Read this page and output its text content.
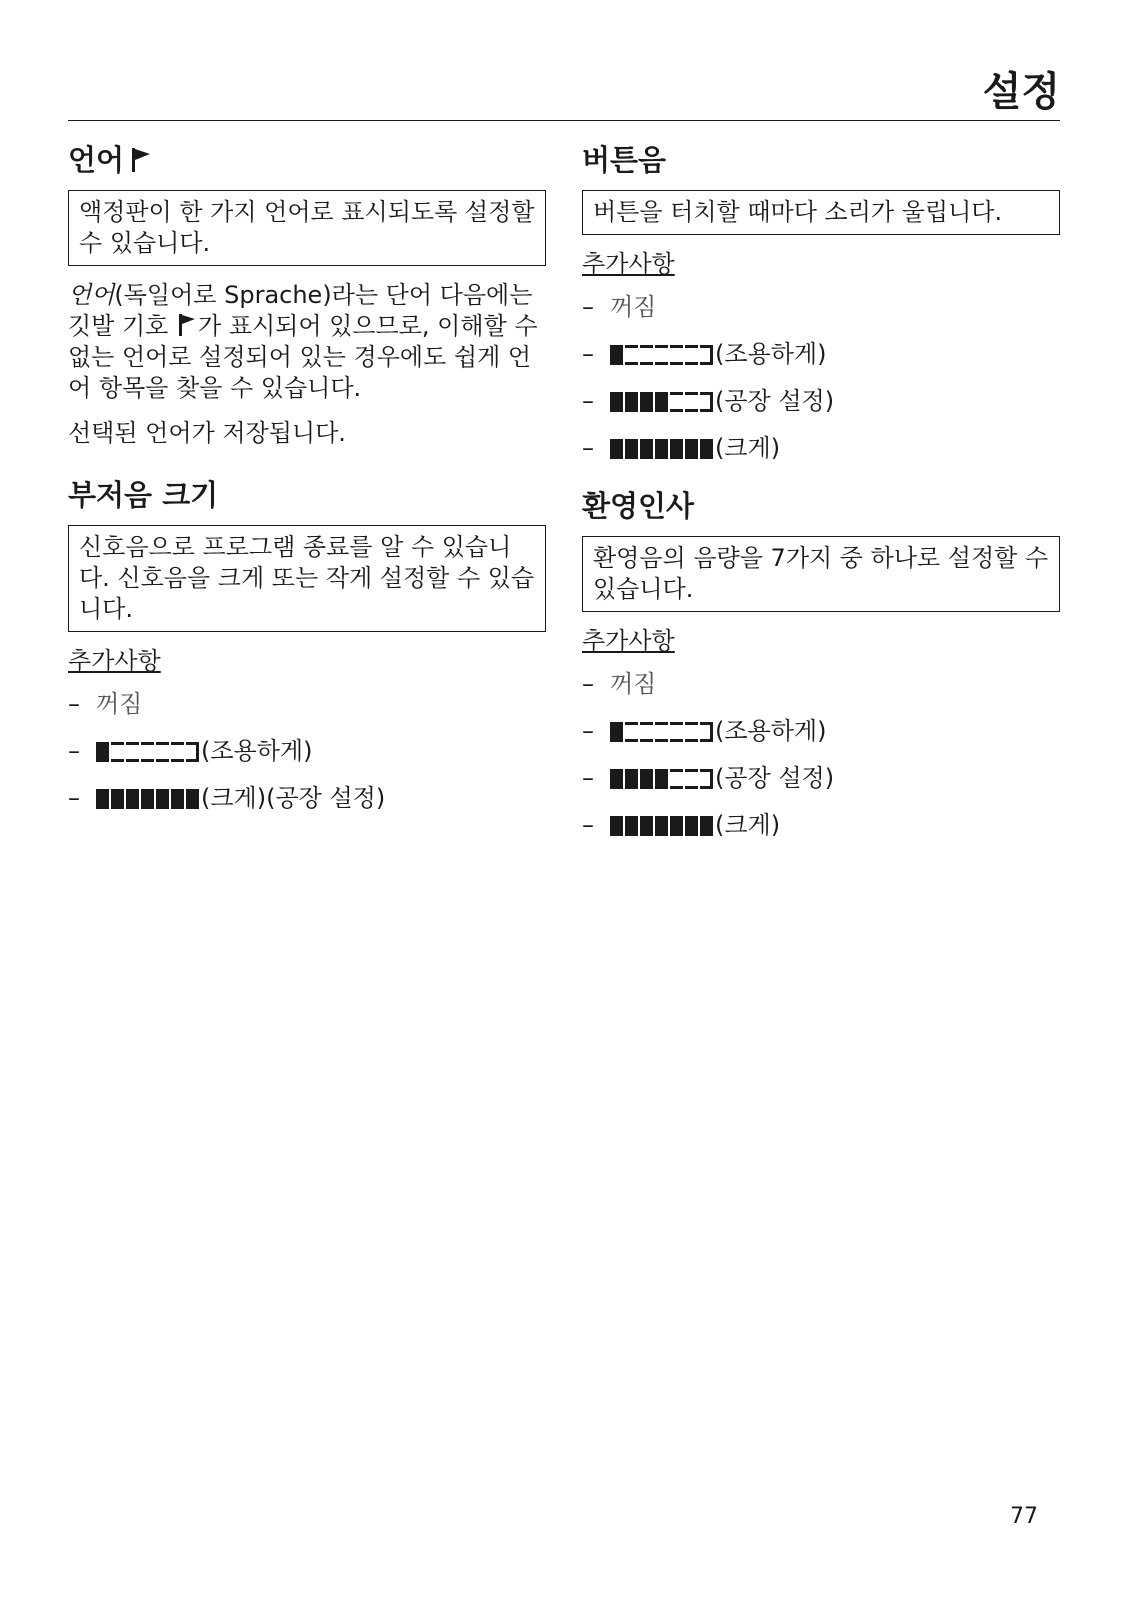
설정
언어
액정판이 한 가지 언어로 표시되도록 설정할 수 있습니다.

언어(독일어로 Sprache)라는 단어 다음에는 깃발 기호 가 표시되어 있으므로, 이해할 수 없는 언어로 설정되어 있는 경우에도 쉽게 언어 항목을 찾을 수 있습니다.

선택된 언어가 저장됩니다.

부저음 크기
신호음으로 프로그램 종료를 알 수 있습니다. 신호음을 크게 또는 작게 설정할 수 있습니다.
추가사항
– 꺼짐
–	(조용하게)
–	(크게)(공장 설정)
버튼음
버튼을 터치할 때마다 소리가 울립니다.
추가사항
– 꺼짐
–	(조용하게)
–	(공장 설정)
–	(크게)
환영인사
환영음의 음량을 7가지 중 하나로 설정할 수 있습니다.
추가사항
– 꺼짐
–	(조용하게)
–	(공장 설정)
–	(크게)
77
